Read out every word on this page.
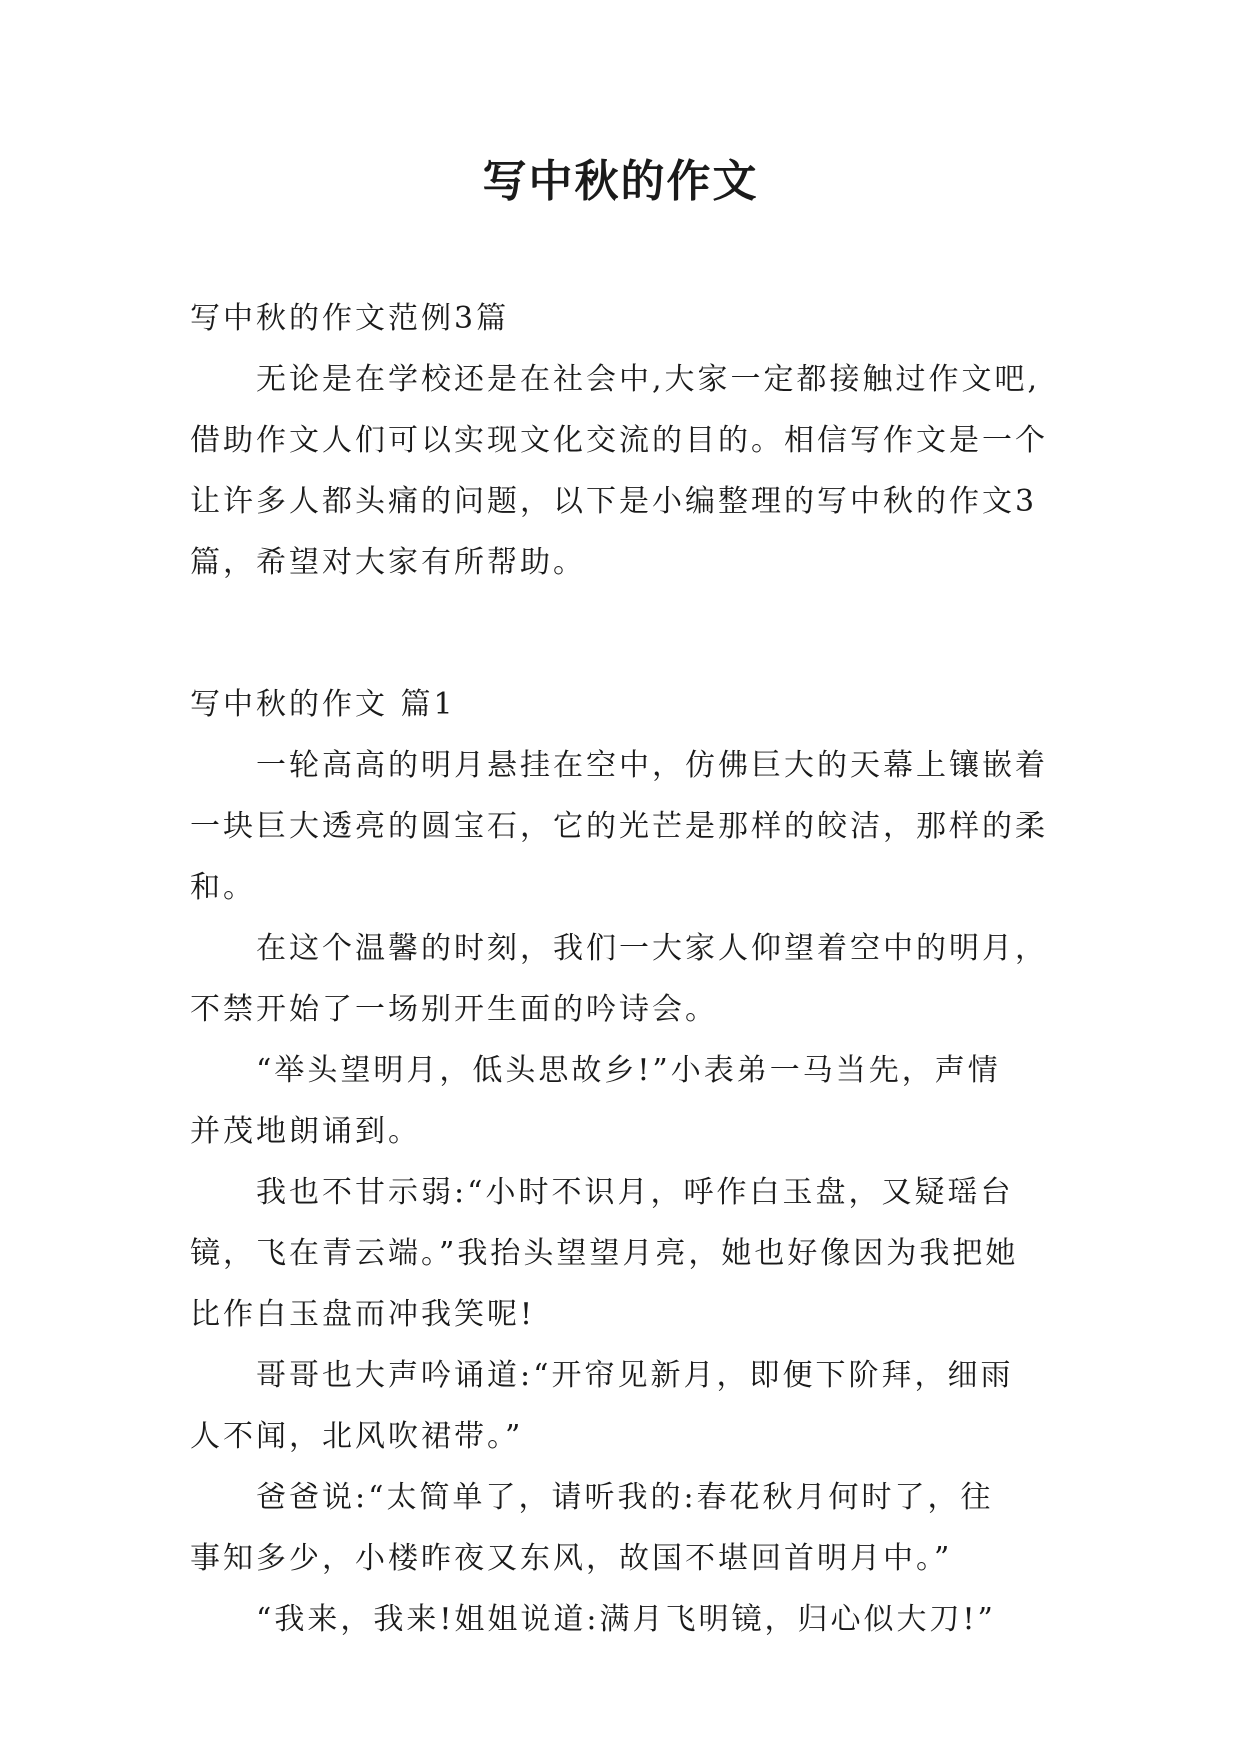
写中秋的作文
写中秋的作文范例3篇
无论是在学校还是在社会中,大家一定都接触过作文吧,
借助作文人们可以实现文化交流的目的。相信写作文是一个
让许多人都头痛的问题，以下是小编整理的写中秋的作文3
篇，希望对大家有所帮助。
写中秋的作文 篇1
一轮高高的明月悬挂在空中，仿佛巨大的天幕上镶嵌着
一块巨大透亮的圆宝石，它的光芒是那样的皎洁，那样的柔
和。
在这个温馨的时刻，我们一大家人仰望着空中的明月，
不禁开始了一场别开生面的吟诗会。
“举头望明月，低头思故乡!”小表弟一马当先，声情
并茂地朗诵到。
我也不甘示弱:“小时不识月，呼作白玉盘，又疑瑶台
镜，飞在青云端。”我抬头望望月亮，她也好像因为我把她
比作白玉盘而冲我笑呢!
哥哥也大声吟诵道:“开帘见新月，即便下阶拜，细雨
人不闻，北风吹裙带。”
爸爸说:“太简单了，请听我的:春花秋月何时了，往
事知多少，小楼昨夜又东风，故国不堪回首明月中。”
“我来，我来!姐姐说道:满月飞明镜，归心似大刀!”
